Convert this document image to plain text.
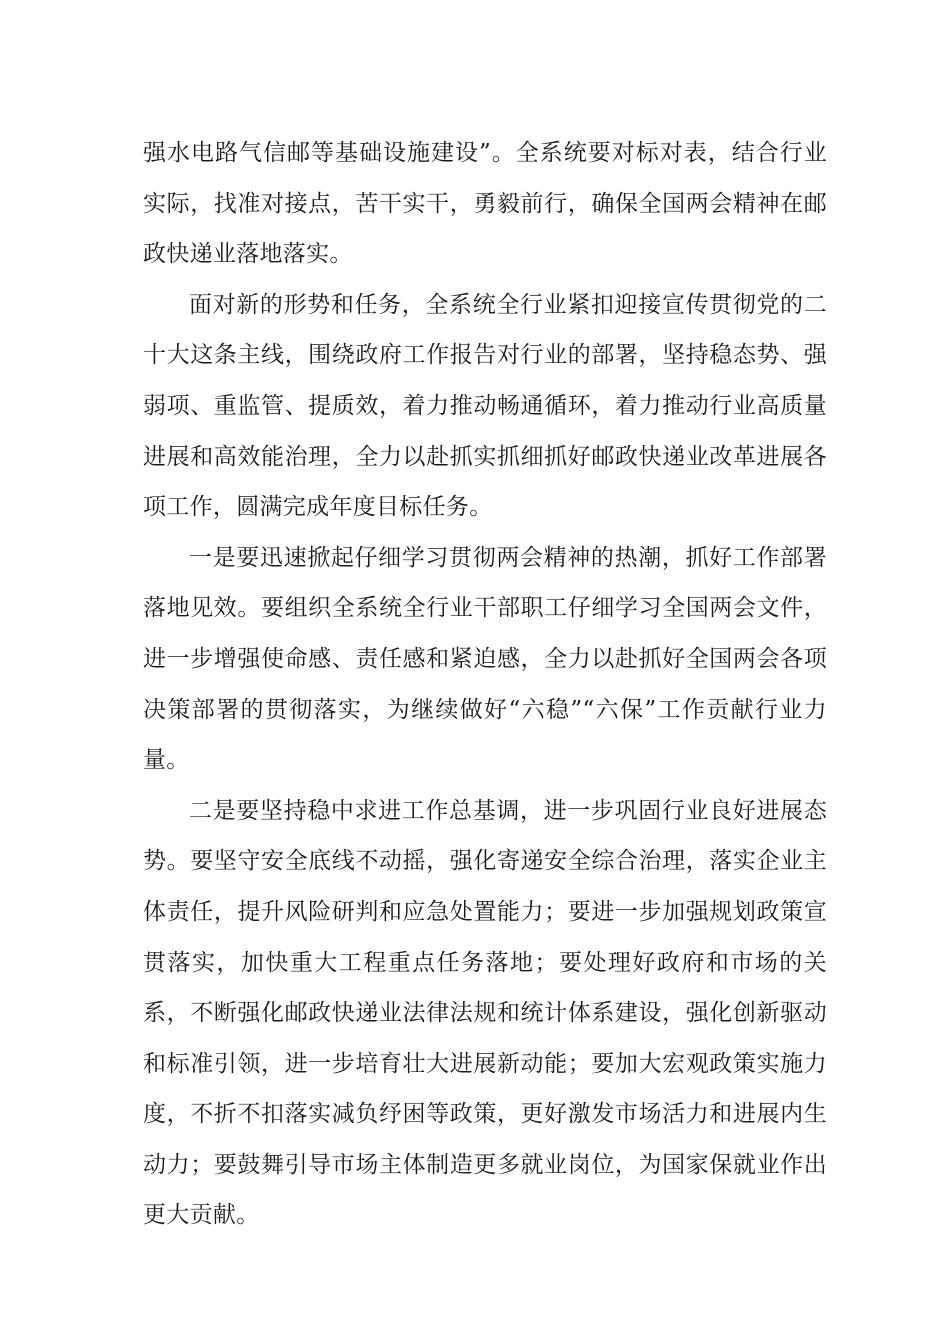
强水电路气信邮等基础设施建设”。全系统要对标对表，结合行业实际，找准对接点，苦干实干，勇毅前行，确保全国两会精神在邮政快递业落地落实。

面对新的形势和任务，全系统全行业紧扣迎接宣传贯彻党的二十大这条主线，围绕政府工作报告对行业的部署，坚持稳态势、强弱项、重监管、提质效，着力推动畅通循环，着力推动行业高质量进展和高效能治理，全力以赴抓实抓细抓好邮政快递业改革进展各项工作，圆满完成年度目标任务。

一是要迅速掀起仔细学习贯彻两会精神的热潮，抓好工作部署落地见效。要组织全系统全行业干部职工仔细学习全国两会文件，进一步增强使命感、责任感和紧迫感，全力以赴抓好全国两会各项决策部署的贯彻落实，为继续做好“六稳”“六保”工作贡献行业力量。

二是要坚持稳中求进工作总基调，进一步巩固行业良好进展态势。要坚守安全底线不动摇，强化寄递安全综合治理，落实企业主体责任，提升风险研判和应急处置能力；要进一步加强规划政策宣贯落实，加快重大工程重点任务落地；要处理好政府和市场的关系，不断强化邮政快递业法律法规和统计体系建设，强化创新驱动和标准引领，进一步培育壮大进展新动能；要加大宏观政策实施力度，不折不扣落实减负纾困等政策，更好激发市场活力和进展内生动力；要鼓舞引导市场主体制造更多就业岗位，为国家保就业作出更大贡献。
